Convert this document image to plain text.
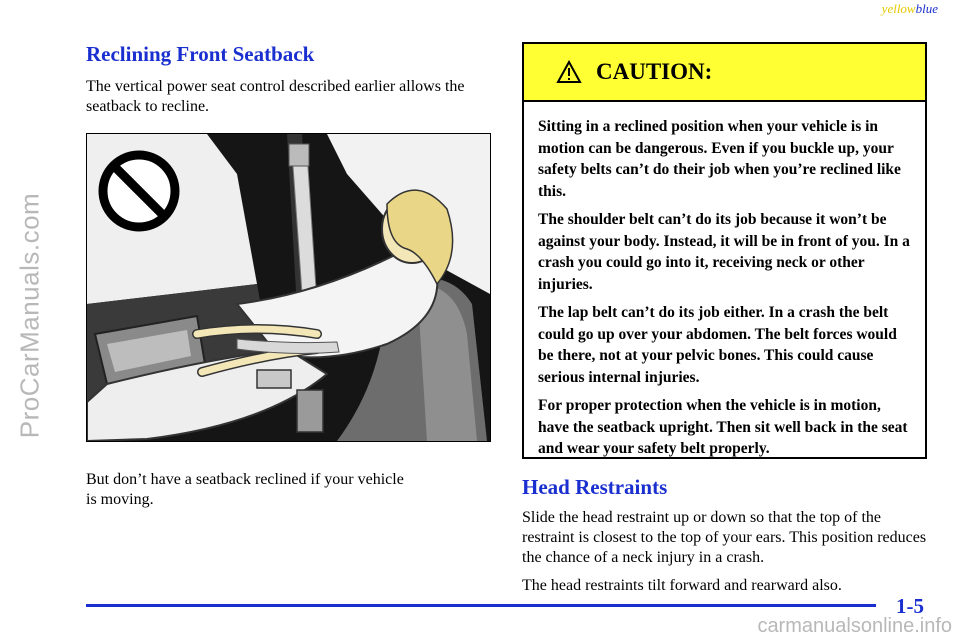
ProCarManuals.com
carmanualsonline.info
yellowblue
Reclining Front Seatback

The vertical power seat control described earlier allows the seatback to recline.

But don’t have a seatback reclined if your vehicle

is moving.

CAUTION:

Sitting in a reclined position when your vehicle is in motion can be dangerous. Even if you buckle up, your safety belts can’t do their job when you’re reclined like this.

The shoulder belt can’t do its job because it won’t be against your body. Instead, it will be in front of you. In a crash you could go into it, receiving neck or other injuries.

The lap belt can’t do its job either. In a crash the belt could go up over your abdomen. The belt forces would be there, not at your pelvic bones. This could cause serious internal injuries.

For proper protection when the vehicle is in motion, have the seatback upright. Then sit well back in the seat and wear your safety belt properly.

Head Restraints

Slide the head restraint up or down so that the top of the restraint is closest to the top of your ears. This position reduces the chance of a neck injury in a crash.

The head restraints tilt forward and rearward also.

1-5
